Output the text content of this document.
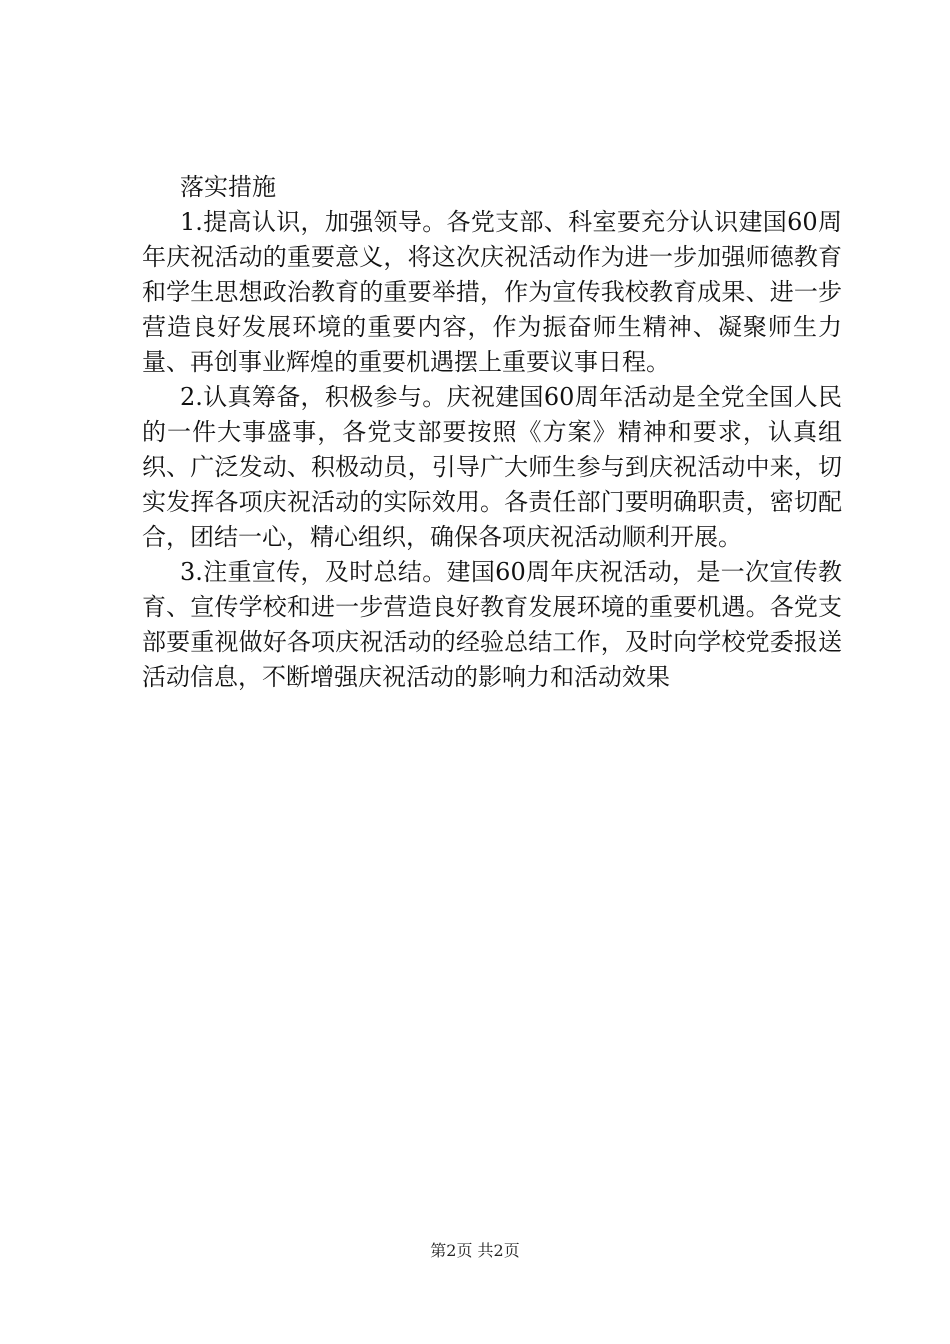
落实措施

1.提高认识，加强领导。各党支部、科室要充分认识建国60周年庆祝活动的重要意义，将这次庆祝活动作为进一步加强师德教育和学生思想政治教育的重要举措，作为宣传我校教育成果、进一步营造良好发展环境的重要内容，作为振奋师生精神、凝聚师生力量、再创事业辉煌的重要机遇摆上重要议事日程。

2.认真筹备，积极参与。庆祝建国60周年活动是全党全国人民的一件大事盛事，各党支部要按照《方案》精神和要求，认真组织、广泛发动、积极动员，引导广大师生参与到庆祝活动中来，切实发挥各项庆祝活动的实际效用。各责任部门要明确职责，密切配合，团结一心，精心组织，确保各项庆祝活动顺利开展。

3.注重宣传，及时总结。建国60周年庆祝活动，是一次宣传教育、宣传学校和进一步营造良好教育发展环境的重要机遇。各党支部要重视做好各项庆祝活动的经验总结工作，及时向学校党委报送活动信息，不断增强庆祝活动的影响力和活动效果

第2页 共2页
